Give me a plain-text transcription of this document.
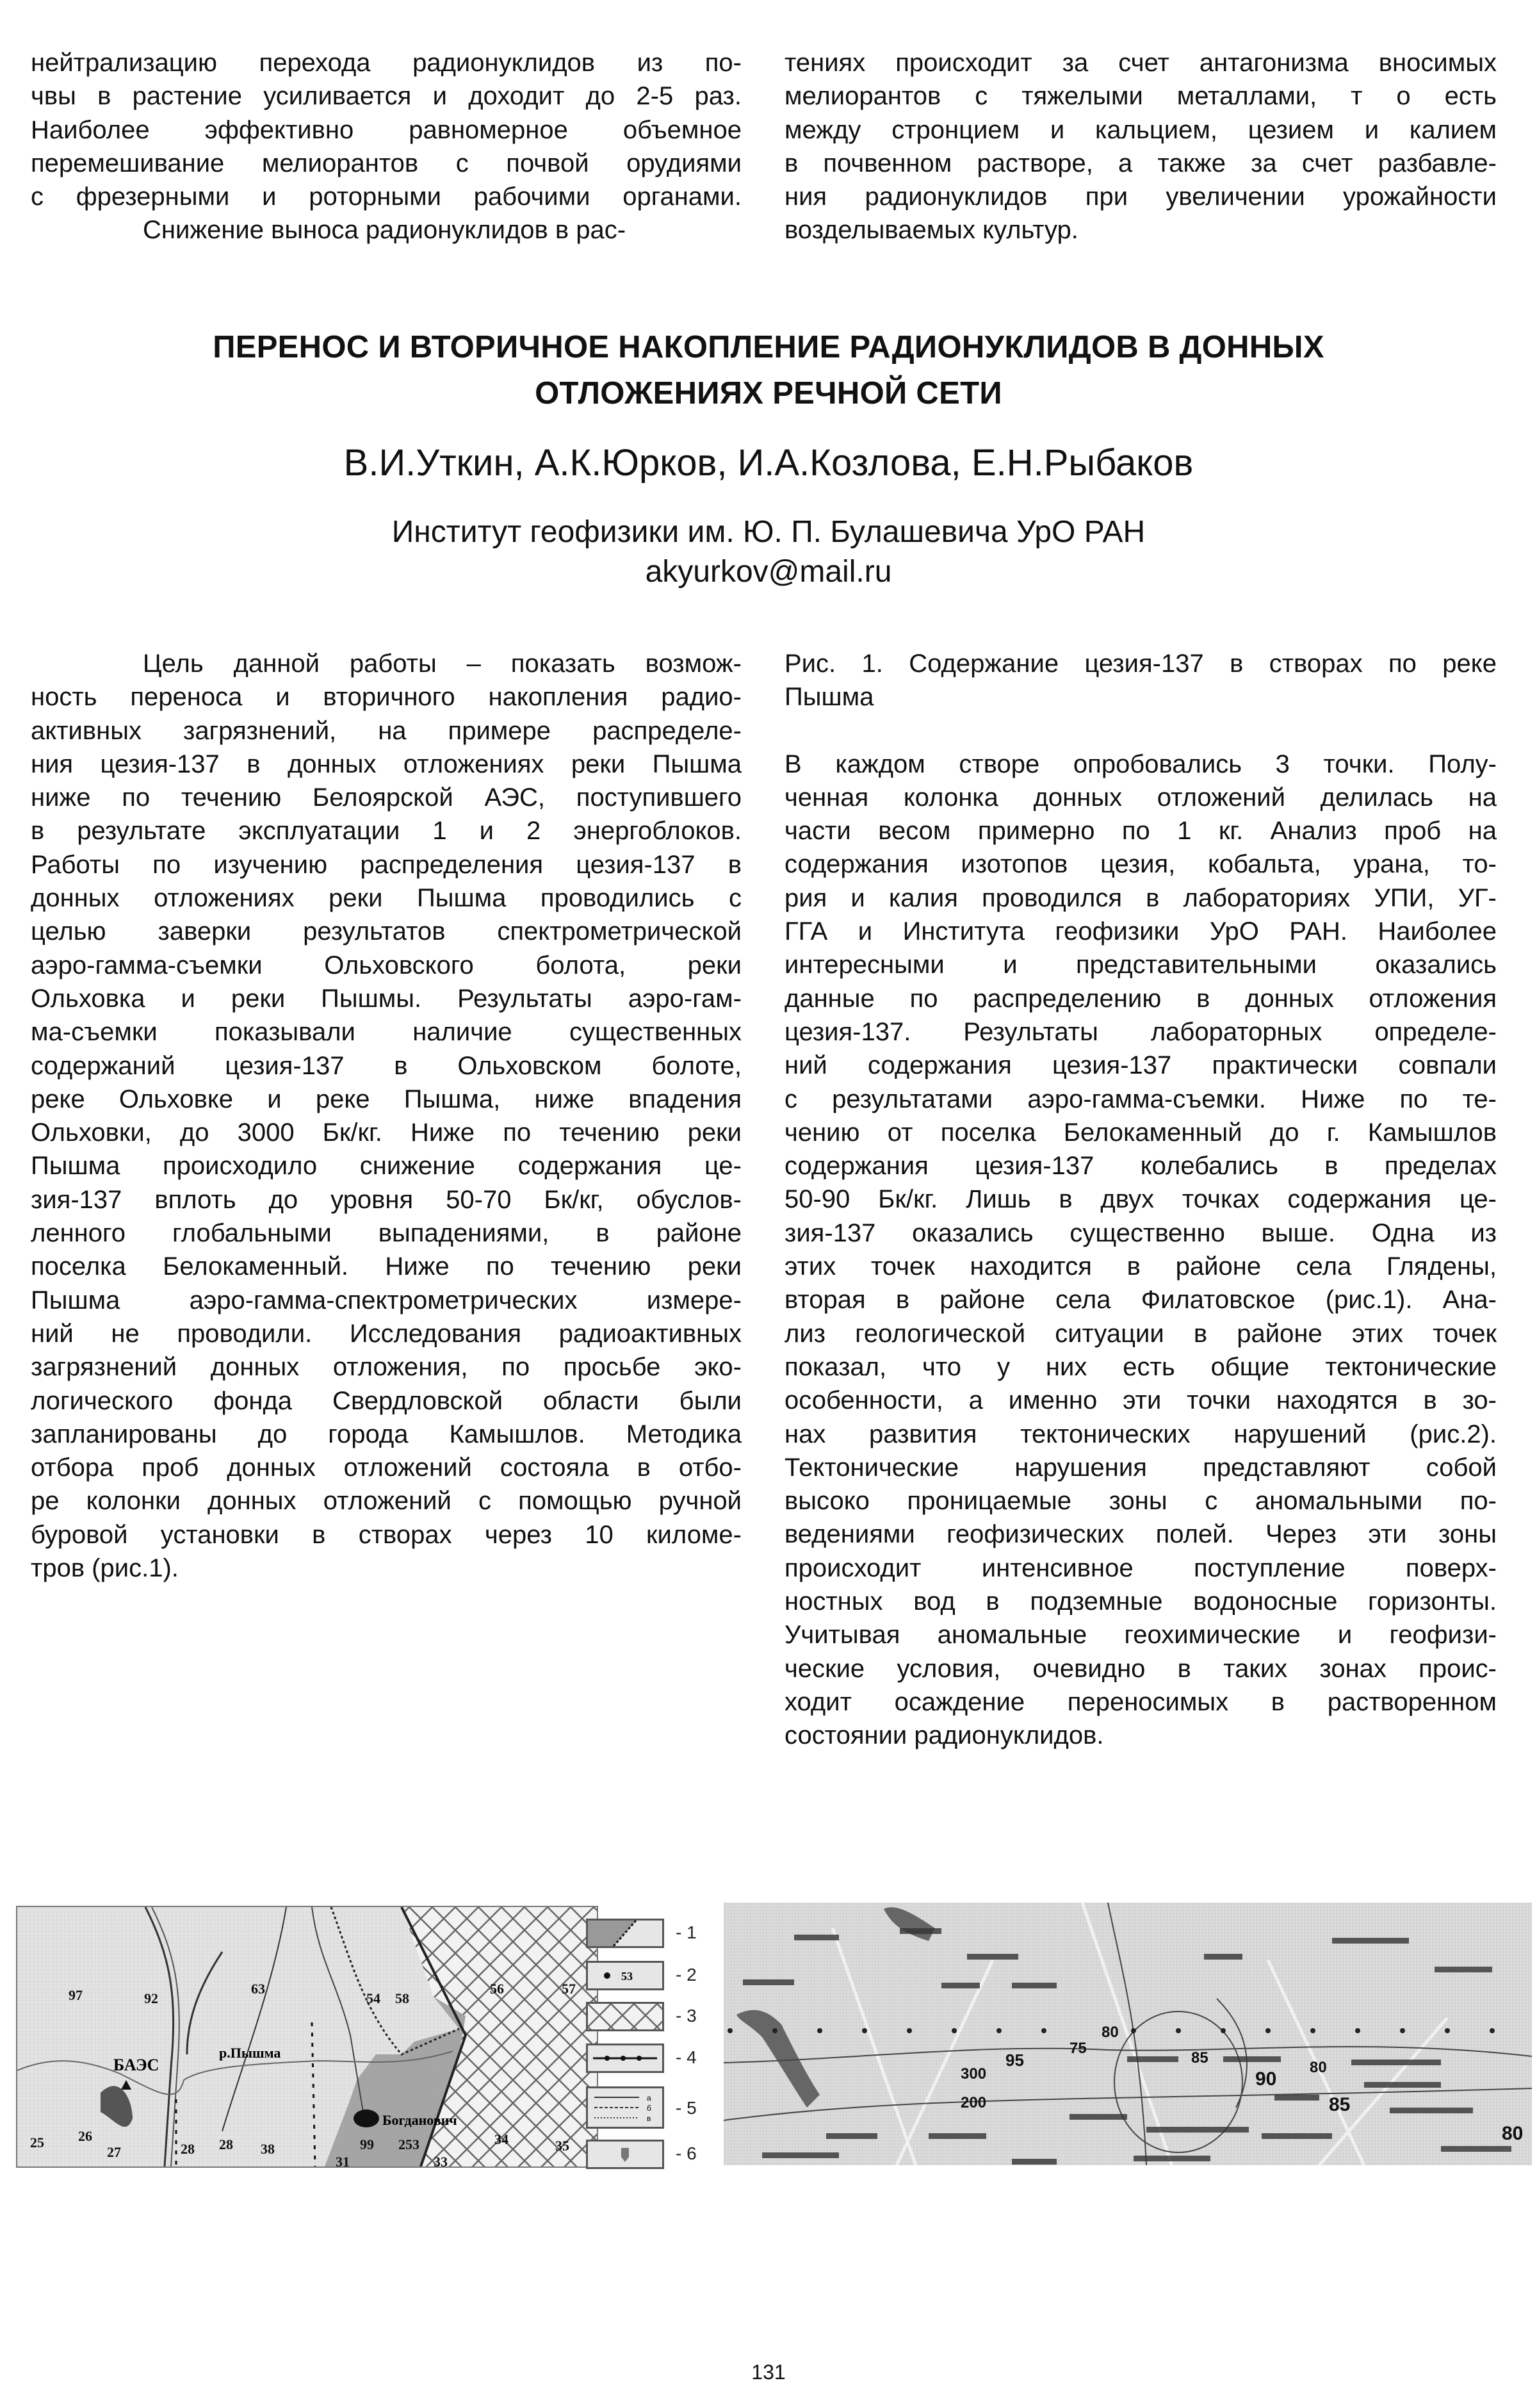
нейтрализацию перехода радионуклидов из по-
чвы в растение усиливается и доходит до 2-5 раз.
Наиболее эффективно равномерное объемное
перемешивание мелиорантов с почвой орудиями
с фрезерными и роторными рабочими органами.
Снижение выноса радионуклидов в рас-
тениях происходит за счет антагонизма вносимых
мелиорантов с тяжелыми металлами, т о есть
между стронцием и кальцием, цезием и калием
в почвенном растворе, а также за счет разбавле-
ния радионуклидов при увеличении урожайности
возделываемых культур.
ПЕРЕНОС И ВТОРИЧНОЕ НАКОПЛЕНИЕ РАДИОНУКЛИДОВ В ДОННЫХ
ОТЛОЖЕНИЯХ РЕЧНОЙ СЕТИ
В.И.Уткин, А.К.Юрков, И.А.Козлова, Е.Н.Рыбаков
Институт геофизики им. Ю. П. Булашевича УрО РАН
akyurkov@mail.ru
Цель данной работы – показать возмож-
ность переноса и вторичного накопления радио-
активных загрязнений, на примере распределе-
ния цезия-137 в донных отложениях реки Пышма
ниже по течению Белоярской АЭС, поступившего
в результате эксплуатации 1 и 2 энергоблоков.
Работы по изучению распределения цезия-137 в
донных отложениях реки Пышма проводились с
целью заверки результатов спектрометрической
аэро-гамма-съемки Ольховского болота, реки
Ольховка и реки Пышмы. Результаты аэро-гам-
ма-съемки показывали наличие существенных
содержаний цезия-137 в Ольховском болоте,
реке Ольховке и реке Пышма, ниже впадения
Ольховки, до 3000 Бк/кг. Ниже по течению реки
Пышма происходило снижение содержания це-
зия-137 вплоть до уровня 50-70 Бк/кг, обуслов-
ленного глобальными выпадениями, в районе
поселка Белокаменный. Ниже по течению реки
Пышма аэро-гамма-спектрометрических измере-
ний не проводили. Исследования радиоактивных
загрязнений донных отложения, по просьбе эко-
логического фонда Свердловской области были
запланированы до города Камышлов. Методика
отбора проб донных отложений состояла в отбо-
ре колонки донных отложений с помощью ручной
буровой установки в створах через 10 киломе-
тров (рис.1).
Рис. 1. Содержание цезия-137 в створах по реке
Пышма
В каждом створе опробовались 3 точки. Полу-
ченная колонка донных отложений делилась на
части весом примерно по 1 кг. Анализ проб на
содержания изотопов цезия, кобальта, урана, то-
рия и калия проводился в лабораториях УПИ, УГ-
ГГА и Института геофизики УрО РАН. Наиболее
интересными и представительными оказались
данные по распределению в донных отложения
цезия-137. Результаты лабораторных определе-
ний содержания цезия-137 практически совпали
с результатами аэро-гамма-съемки. Ниже по те-
чению от поселка Белокаменный до г. Камышлов
содержания цезия-137 колебались в пределах
50-90 Бк/кг. Лишь в двух точках содержания це-
зия-137 оказались существенно выше. Одна из
этих точек находится в районе села Глядены,
вторая в районе села Филатовское (рис.1). Ана-
лиз геологической ситуации в районе этих точек
показал, что у них есть общие тектонические
особенности, а именно эти точки находятся в зо-
нах развития тектонических нарушений (рис.2).
Тектонические нарушения представляют собой
высоко проницаемые зоны с аномальными по-
ведениями геофизических полей. Через эти зоны
происходит интенсивное поступление поверх-
ностных вод в подземные водоносные горизонты.
Учитывая аномальные геохимические и геофизи-
ческие условия, очевидно в таких зонах проис-
ходит осаждение переносимых в растворенном
состоянии радионуклидов.
БАЭС
р.Пышма
Богданович
97	92
63
54 58
56	57
25 26
27	28 28 38	99 253	34	35
31	33
- 1
53 - 2
- 3
- 4
а
б
в
- 5
- 6
80
95
300
200
75
85
90
80
85
80
131
